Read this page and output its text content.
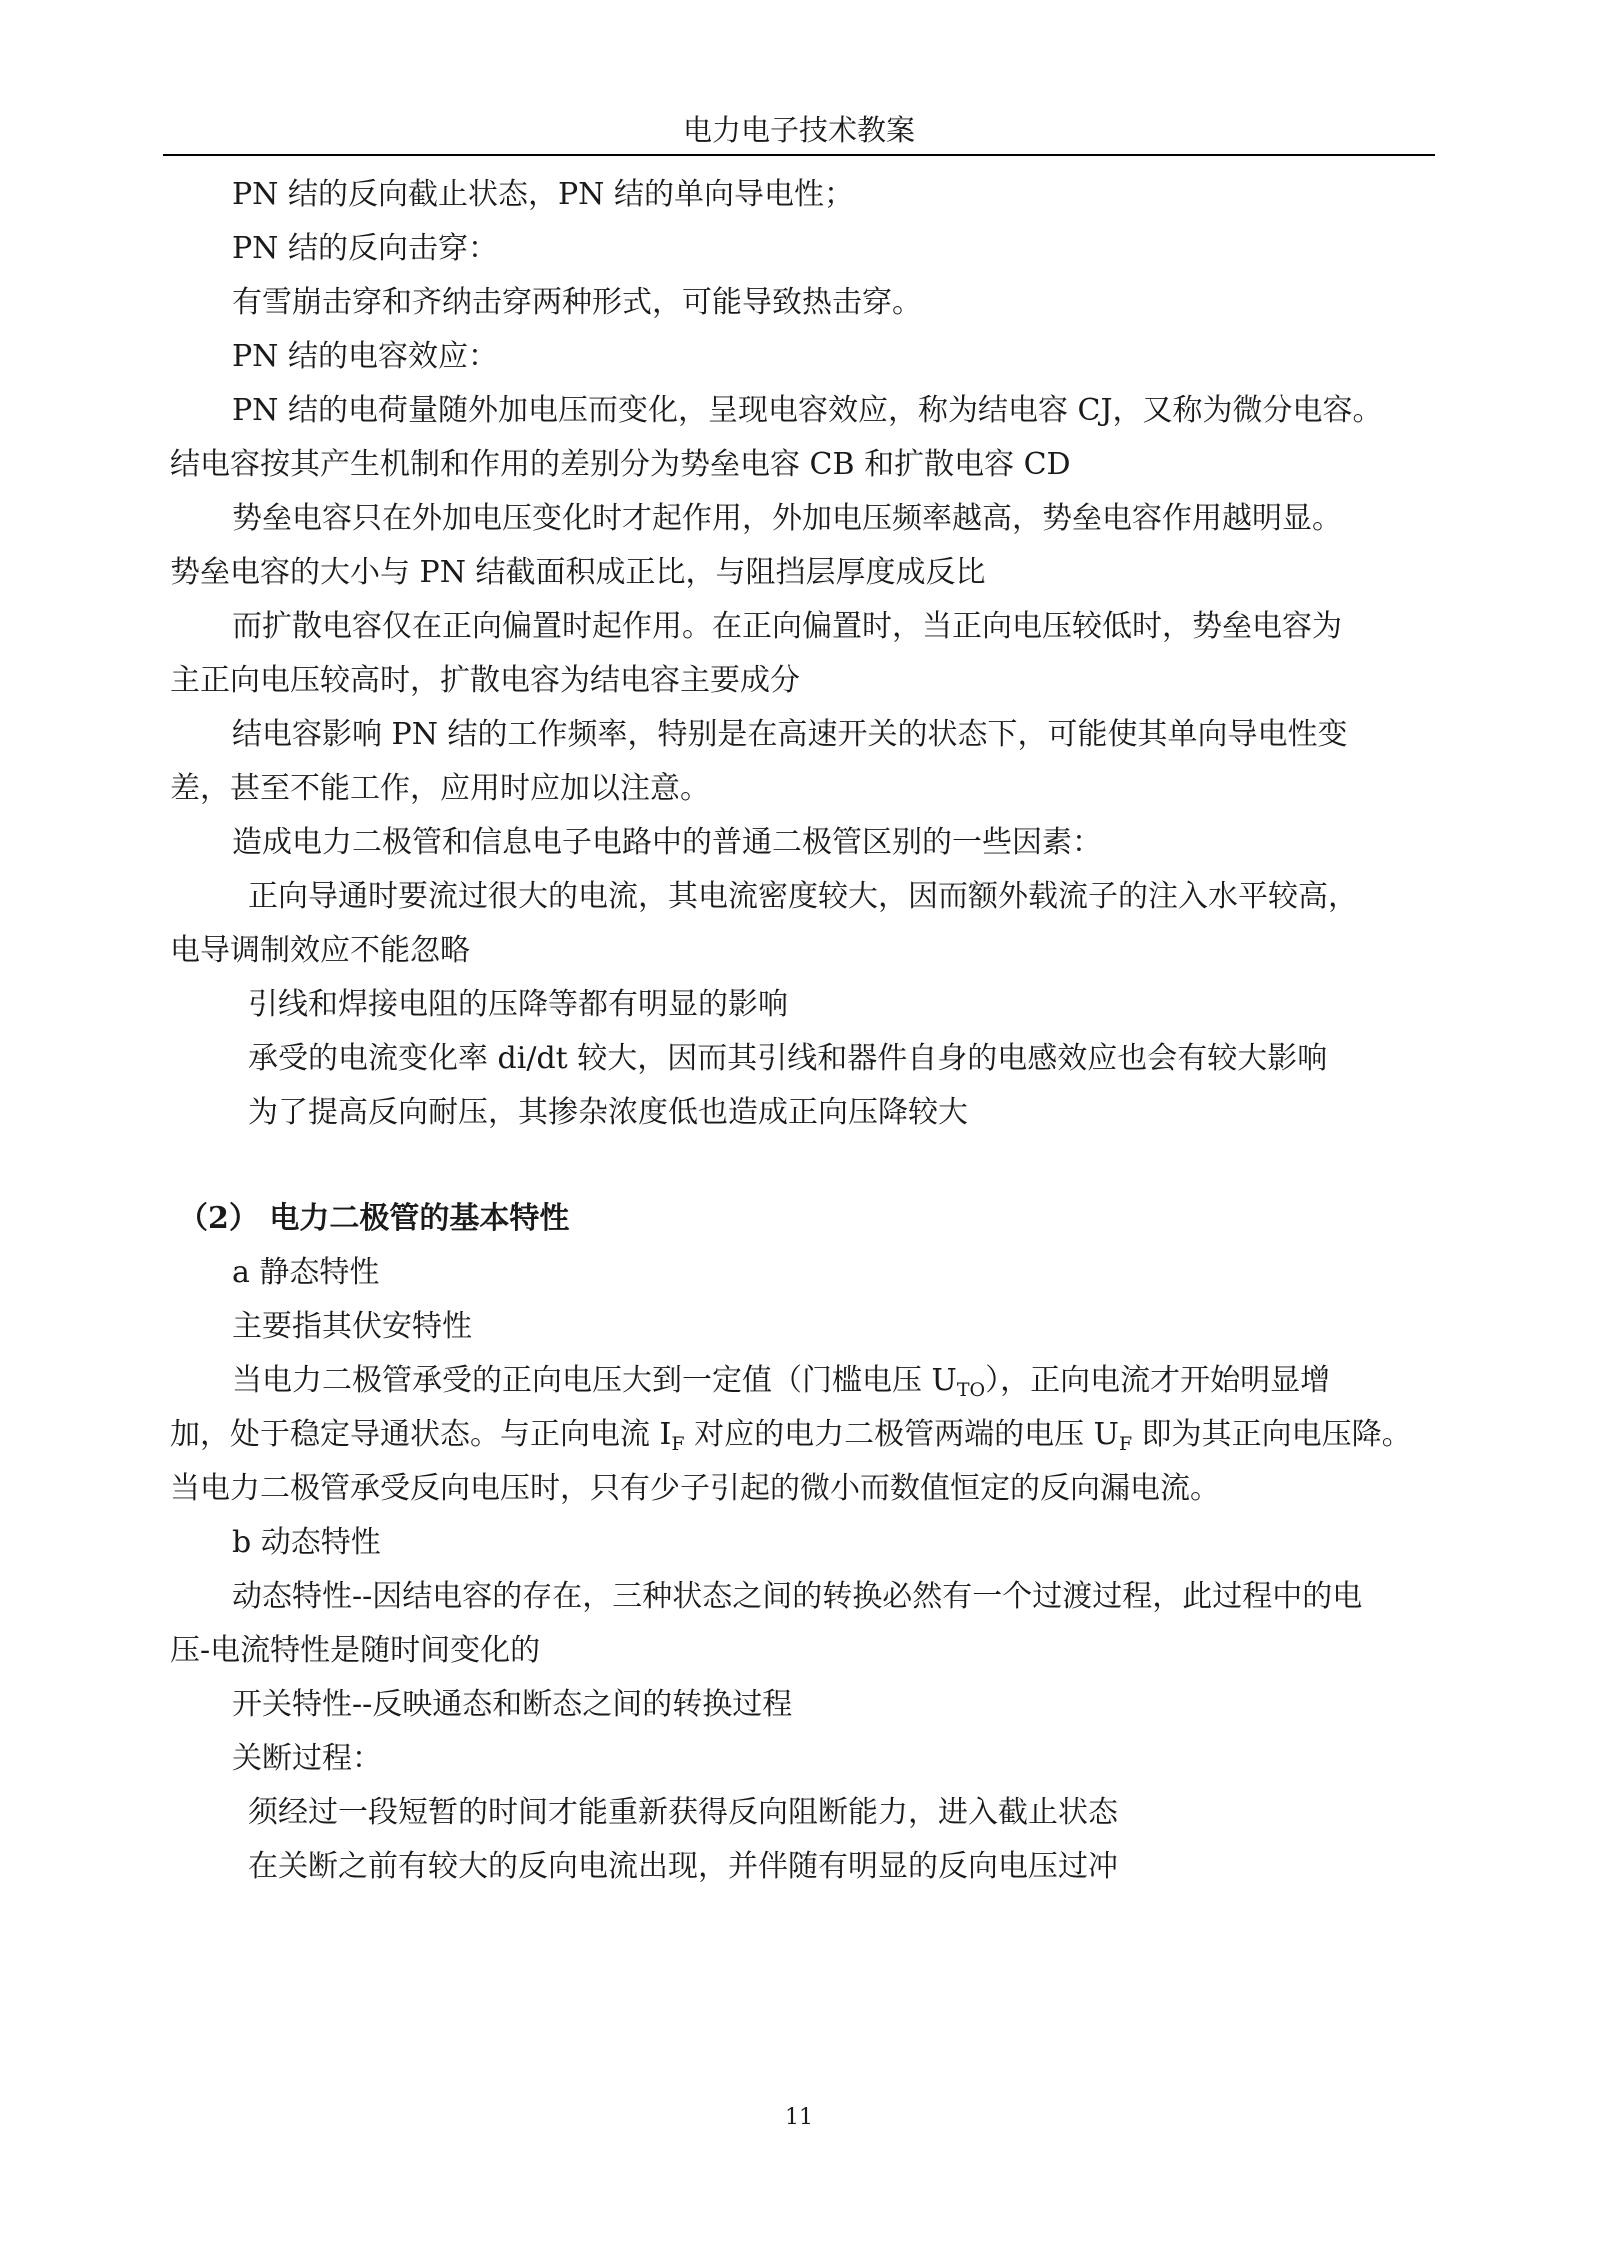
电力电子技术教案
PN 结的反向截止状态，PN 结的单向导电性；
PN 结的反向击穿：
有雪崩击穿和齐纳击穿两种形式，可能导致热击穿。
PN 结的电容效应：
PN 结的电荷量随外加电压而变化，呈现电容效应，称为结电容 CJ，又称为微分电容。
结电容按其产生机制和作用的差别分为势垒电容 CB 和扩散电容 CD
势垒电容只在外加电压变化时才起作用，外加电压频率越高，势垒电容作用越明显。
势垒电容的大小与 PN 结截面积成正比，与阻挡层厚度成反比
而扩散电容仅在正向偏置时起作用。在正向偏置时，当正向电压较低时，势垒电容为
主正向电压较高时，扩散电容为结电容主要成分
结电容影响 PN 结的工作频率，特别是在高速开关的状态下，可能使其单向导电性变
差，甚至不能工作，应用时应加以注意。
造成电力二极管和信息电子电路中的普通二极管区别的一些因素：
正向导通时要流过很大的电流，其电流密度较大，因而额外载流子的注入水平较高，
电导调制效应不能忽略
引线和焊接电阻的压降等都有明显的影响
承受的电流变化率 di/dt 较大，因而其引线和器件自身的电感效应也会有较大影响
为了提高反向耐压，其掺杂浓度低也造成正向压降较大
（2） 电力二极管的基本特性
a 静态特性
主要指其伏安特性
当电力二极管承受的正向电压大到一定值（门槛电压 $U_{TO}$），正向电流才开始明显增
加，处于稳定导通状态。与正向电流 $I_F$ 对应的电力二极管两端的电压 $U_F$ 即为其正向电压降。
当电力二极管承受反向电压时，只有少子引起的微小而数值恒定的反向漏电流。
b 动态特性
动态特性--因结电容的存在，三种状态之间的转换必然有一个过渡过程，此过程中的电
压-电流特性是随时间变化的
开关特性--反映通态和断态之间的转换过程
关断过程：
须经过一段短暂的时间才能重新获得反向阻断能力，进入截止状态
在关断之前有较大的反向电流出现，并伴随有明显的反向电压过冲
11
